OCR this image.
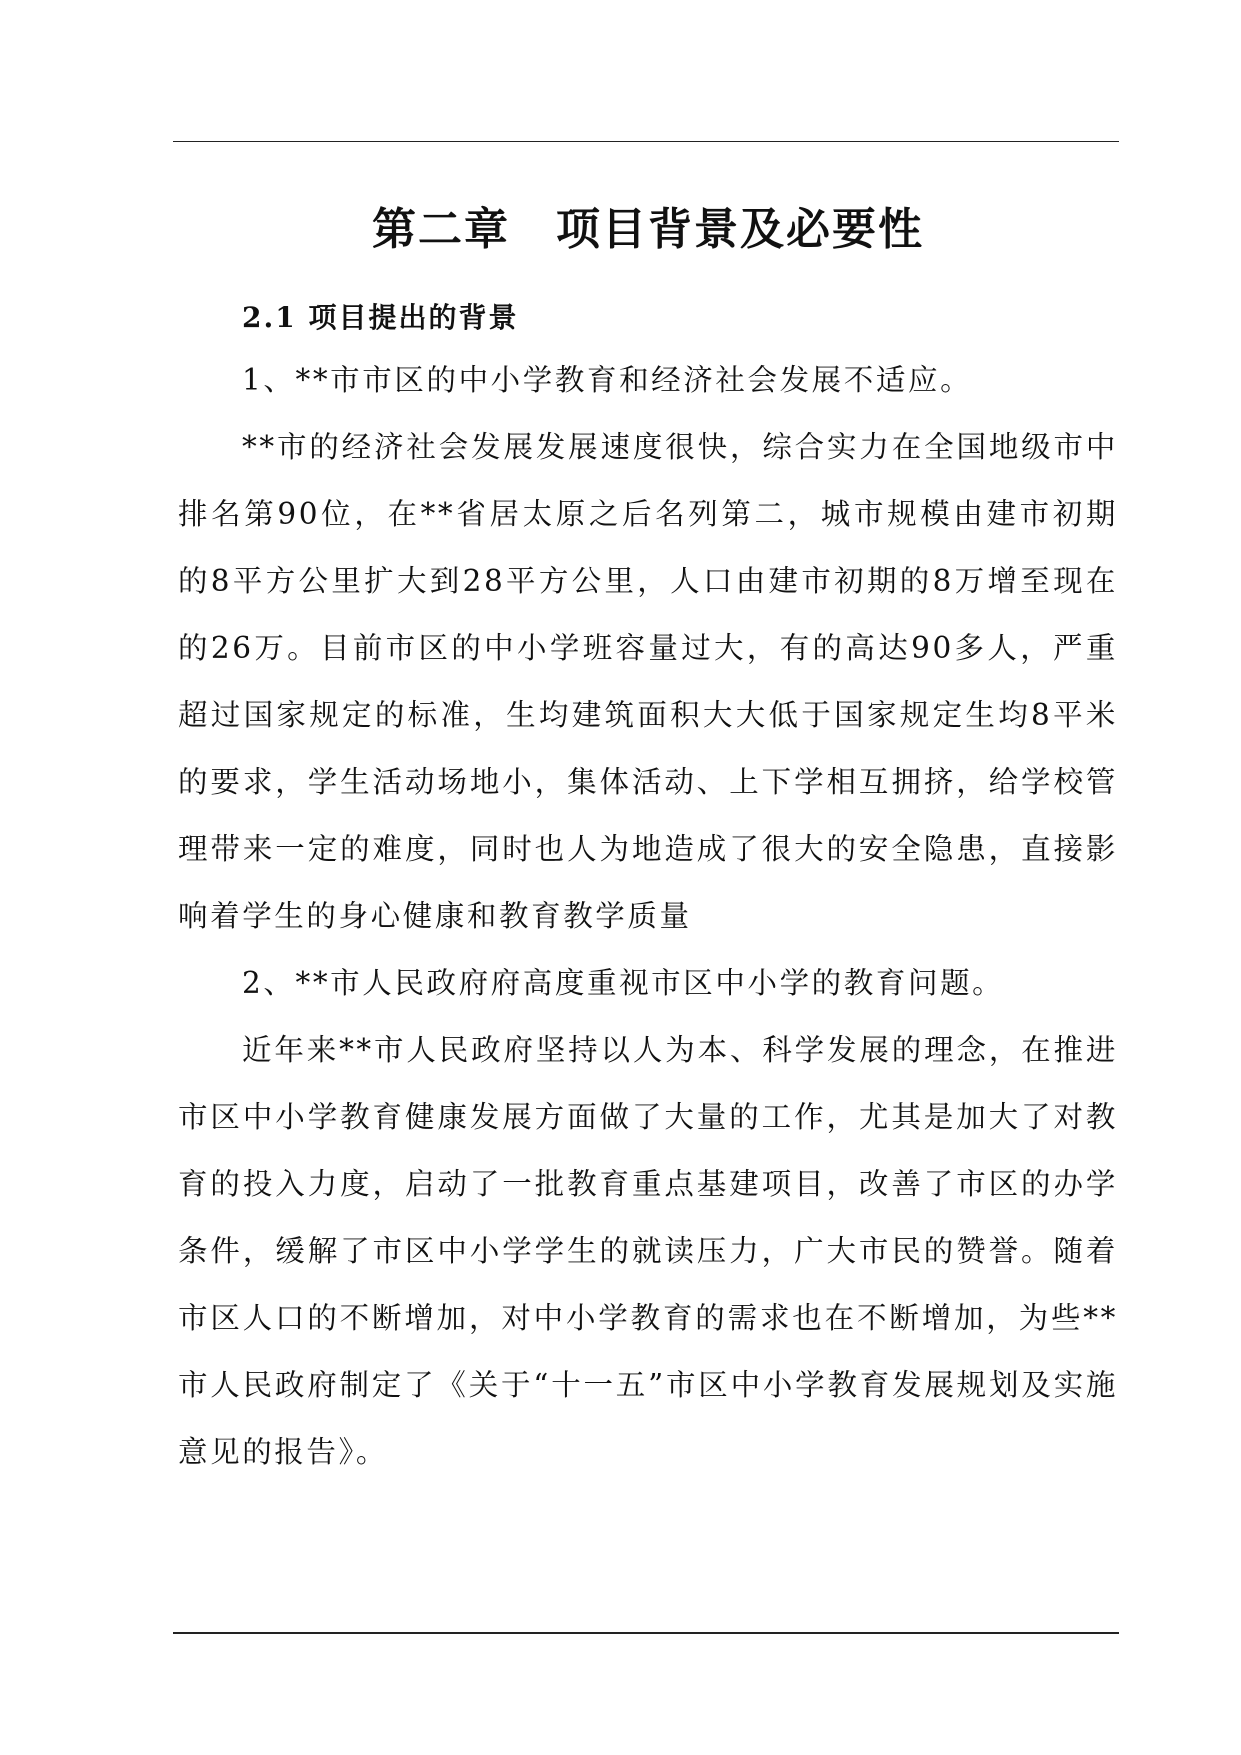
第二章　项目背景及必要性
2.1 项目提出的背景

1、**市市区的中小学教育和经济社会发展不适应。

**市的经济社会发展发展速度很快，综合实力在全国地级市中排名第90位，在**省居太原之后名列第二，城市规模由建市初期的8平方公里扩大到28平方公里，人口由建市初期的8万增至现在的26万。目前市区的中小学班容量过大，有的高达90多人，严重超过国家规定的标准，生均建筑面积大大低于国家规定生均8平米的要求，学生活动场地小，集体活动、上下学相互拥挤，给学校管理带来一定的难度，同时也人为地造成了很大的安全隐患，直接影响着学生的身心健康和教育教学质量

2、**市人民政府府高度重视市区中小学的教育问题。

近年来**市人民政府坚持以人为本、科学发展的理念，在推进市区中小学教育健康发展方面做了大量的工作，尤其是加大了对教育的投入力度，启动了一批教育重点基建项目，改善了市区的办学条件，缓解了市区中小学学生的就读压力，广大市民的赞誉。随着市区人口的不断增加，对中小学教育的需求也在不断增加，为些**市人民政府制定了《关于“十一五”市区中小学教育发展规划及实施意见的报告》。
